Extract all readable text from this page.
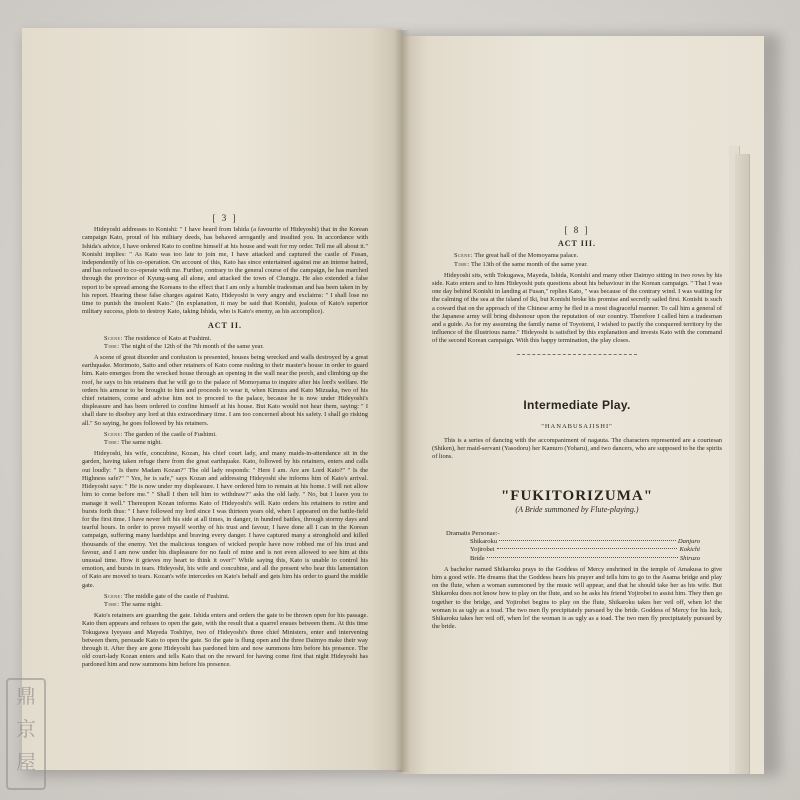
[ 3 ]

Hideyoshi addresses to Konishi: " I have heard from Ishida (a favourite of Hideyoshi) that in the Korean campaign Kato, proud of his military deeds, has behaved arrogantly and insulted you. In accordance with Ishida's advice, I have ordered Kato to confine himself at his house and wait for my order. Tell me all about it." Konishi implies: " As Kato was too late to join me, I have attacked and captured the castle of Fusan, independently of his co-operation. On account of this, Kato has since entertained against me an intense hatred, and has refused to co-operate with me. Further, contrary to the general course of the campaign, he has marched through the province of Kyung-sang all alone, and attacked the town of Chungju. He also extended a false report to be spread among the Koreans to the effect that I am only a humble tradesman and has been taken in by his report. Hearing these false charges against Kato, Hideyoshi is very angry and exclaims: " I shall lose no time to punish the insolent Kato." (In explanation, it may be said that Konishi, jealous of Kato's superior military success, plots to destroy Kato, taking Ishida, who is Kato's enemy, as his accomplice).

ACT II.
Scene: The residence of Kato at Fushimi.
Time: The night of the 12th of the 7th month of the same year.

A scene of great disorder and confusion is presented, houses being wrecked and walls destroyed by a great earthquake. Morimoto, Saito and other retainers of Kato come rushing to their master's house in order to guard him. Kato emerges from the wrecked house through an opening in the wall near the porch, and climbing up the roof, he says to his retainers that he will go to the palace of Momoyama to inquire after his lord's welfare. He orders his armour to be brought to him and proceeds to wear it, when Kimura and Kato Mizuaka, two of his chief retainers, come and advise him not to proceed to the palace, because he is now under Hideyoshi's displeasure and has been ordered to confine himself at his house. But Kato would not hear them, saying: " I shall dare to disobey any lord at this extraordinary time. I am too concerned about his safety. I shall go risking all." So saying, he goes followed by his retainers.

Scene: The garden of the castle of Fushimi.
Time: The same night.

Hideyoshi, his wife, concubine, Kozan, his chief court lady, and many maids-in-attendance sit in the garden, having taken refuge there from the great earthquake. Kato, followed by his retainers, enters and calls out loudly: " Is there Madam Kozan?" The old lady responds: " Here I am. Are are Lord Kato?" " Is the Highness safe?" " Yes, he is safe," says Kozan and addressing Hideyoshi she informs him of Kato's arrival. Hideyoshi says: " He is now under my displeasure. I have ordered him to remain at his home. I will not allow him to come before me." " Shall I then tell him to withdraw?" asks the old lady. " No, but I leave you to manage it well." Thereupon Kozan informs Kato of Hideyoshi's will. Kato orders his retainers to retire and bursts forth thus: " I have followed my lord since I was thirteen years old, when I appeared on the battle-field for the first time. I have never left his side at all times, in danger, in hundred battles, through stormy days and tearful hours. In order to prove myself worthy of his trust and favour, I have done all I can in the Korean campaign, suffering many hardships and braving every danger. I have captured many a stronghold and killed thousands of the enemy. Yet the malicious tongues of wicked people have now robbed me of his trust and favour, and I am now under his displeasure for no fault of mine and is not even allowed to see him at this unusual time. How it grieves my heart to think it over!" While saying this, Kato is unable to control his emotion, and bursts in tears. Hideyoshi, his wife and concubine, and all the present who hear this lamentation of Kato are moved to tears. Kozan's wife intercedes on Kato's behalf and gets him his order to guard the middle gate.

Scene: The middle gate of the castle of Fushimi.
Time: The same night.

Kato's retainers are guarding the gate. Ishida enters and orders the gate to be thrown open for his passage. Kato then appears and refuses to open the gate, with the result that a quarrel ensues between them. At this time Tokugawa Iyeyasu and Mayeda Toshiiye, two of Hideyoshi's three chief Ministers, enter and intervening between them, persuade Kato to open the gate. So the gate is flung open and the three Daimyo make their way through it. After they are gone Hideyoshi has pardoned him and now summons him before his presence. The old court-lady Kozan enters and tells Kato that on the reward for having come first that night Hideyoshi has pardoned him and now summons him before his presence.

[ 8 ]
ACT III.
Scene: The great hall of the Momoyama palace.
Time: The 13th of the same month of the same year.

Hideyoshi sits, with Tokugawa, Mayeda, Ishida, Konishi and many other Daimyo sitting in two rows by his side. Kato enters and to him Hideyoshi puts questions about his behaviour in the Korean campaign. " That I was one day behind Konishi in landing at Fusan," replies Kato, " was because of the contrary wind. I was waiting for the calming of the sea at the island of Iki, but Konishi broke his promise and secretly sailed first. Konishi is such a coward that on the approach of the Chinese army he fled in a most disgraceful manner. To call him a general of the Japanese army will bring dishonour upon the reputation of our country. Therefore I called him a tradesman and a guide. As for my assuming the family name of Toyotomi, I wished to pacify the conquered territory by the influence of the illustrious name." Hideyoshi is satisfied by this explanation and invests Kato with the command of the second Korean campaign. With this happy termination, the play closes.

Intermediate Play.
"HANABUSAJISHI"

This is a series of dancing with the accompaniment of nagauta. The characters represented are a courtesan (Shiken), her maid-servant (Yasodoru) her Kamuro (Yoharu), and two dancers, who are supposed to be the spirits of lions.

"FUKITORIZUMA"
(A Bride summoned by Flute-playing.)
Dramatis Personae:-
Shikaroku	Danjuro
Yojirobei	Kokichi
Bride	Shiruzo

A bachelor named Shikaroku prays to the Goddess of Mercy enshrined in the temple of Amakusa to give him a good wife. He dreams that the Goddess hears his prayer and tells him to go to the Asama bridge and play on the flute, when a woman summoned by the music will appear, and that he should take her as his wife. But Shikaroku does not know how to play on the flute, and so he asks his friend Yojirobei to assist him. They then go together to the bridge, and Yojirobei begins to play on the flute, Shikaroku takes her veil off, when lo! the woman is as ugly as a toad. The two men fly precipitately pursued by the bride. Goddess of Mercy for his luck, Shikaroku takes her veil off, when lo! the woman is as ugly as a toad. The two men fly precipitately pursued by the bride.

鼎
京
屋
